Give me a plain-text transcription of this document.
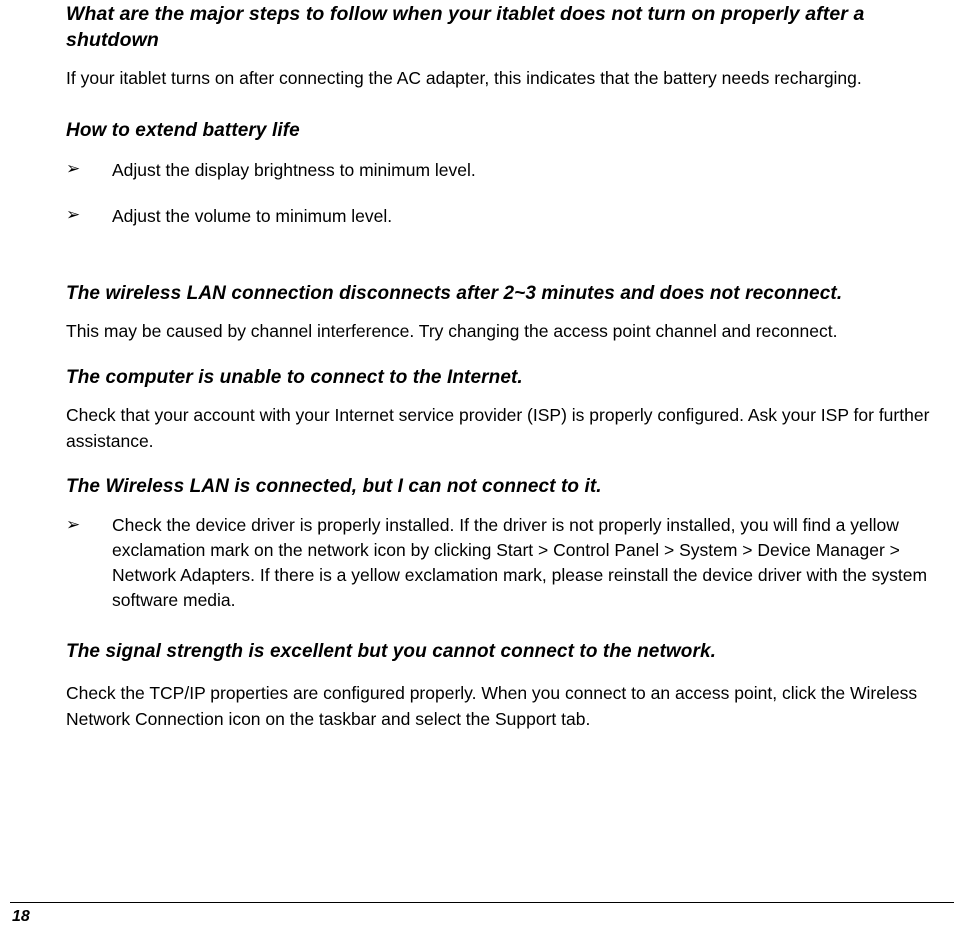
What are the major steps to follow when your itablet does not turn on properly after a shutdown

If your itablet turns on after connecting the AC adapter, this indicates that the battery needs recharging.

How to extend battery life
➢	Adjust the display brightness to minimum level.
➢	Adjust the volume to minimum level.
The wireless LAN connection disconnects after 2~3 minutes and does not reconnect.

This may be caused by channel interference. Try changing the access point channel and reconnect.

The computer is unable to connect to the Internet.

Check that your account with your Internet service provider (ISP) is properly configured. Ask your ISP for further assistance.

The Wireless LAN is connected, but I can not connect to it.
➢	Check the device driver is properly installed. If the driver is not properly installed, you will find a yellow exclamation mark on the network icon by clicking Start > Control Panel > System > Device Manager > Network Adapters. If there is a yellow exclamation mark, please reinstall the device driver with the system software media.
The signal strength is excellent but you cannot connect to the network.

Check the TCP/IP properties are configured properly. When you connect to an access point, click the Wireless Network Connection icon on the taskbar and select the Support tab.

18
